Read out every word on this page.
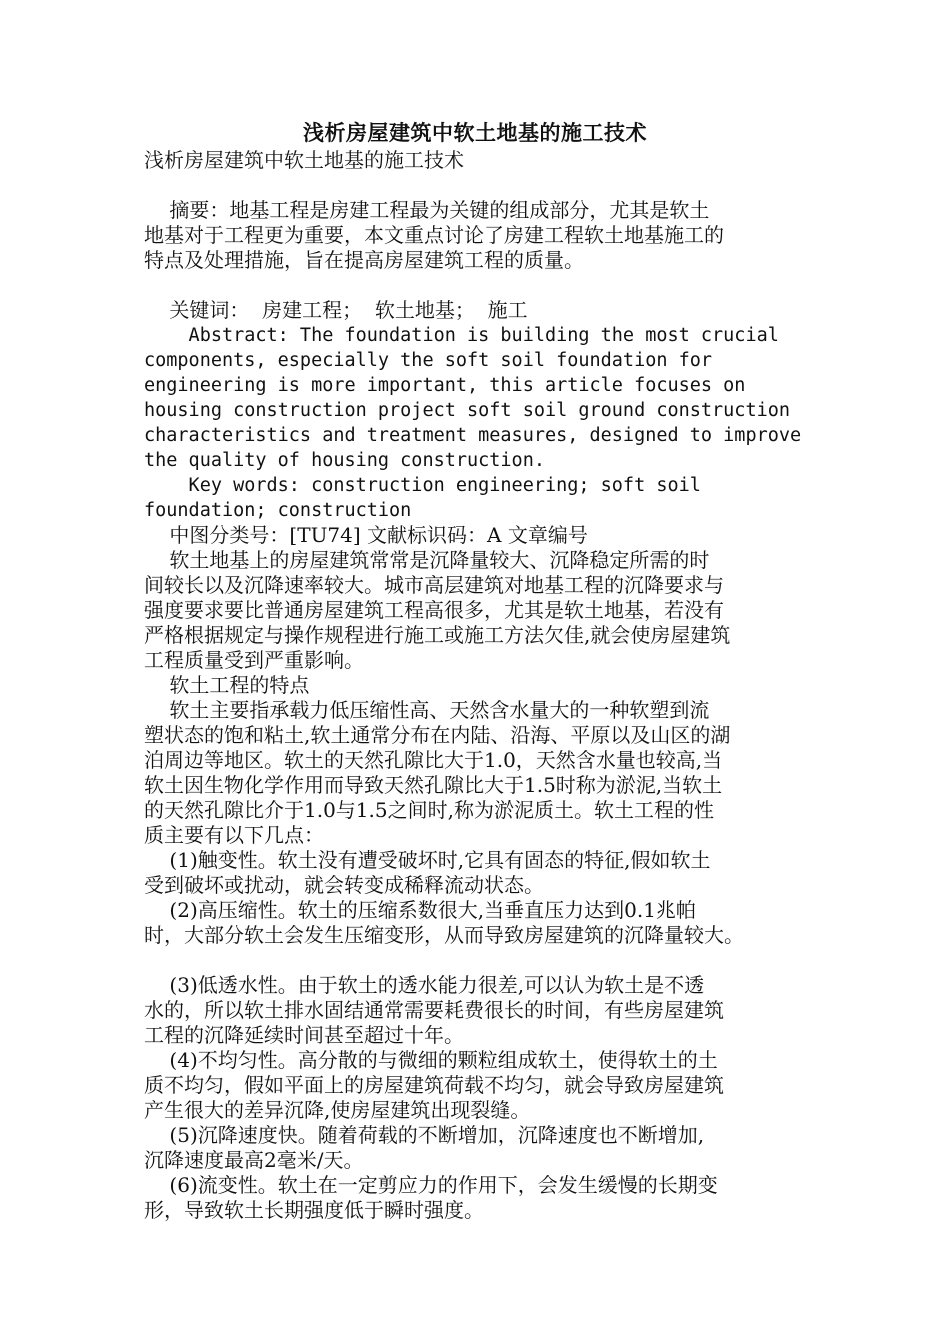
浅析房屋建筑中软土地基的施工技术
浅析房屋建筑中软土地基的施工技术
摘要：地基工程是房建工程最为关键的组成部分，尤其是软土
地基对于工程更为重要，本文重点讨论了房建工程软土地基施工的
特点及处理措施，旨在提高房屋建筑工程的质量。
关键词：  房建工程；  软土地基；  施工
Abstract: The foundation is building the most crucial
components, especially the soft soil foundation for
engineering is more important, this article focuses on
housing construction project soft soil ground construction
characteristics and treatment measures, designed to improve
the quality of housing construction.
Key words: construction engineering; soft soil
foundation; construction
中图分类号：[TU74] 文献标识码：A 文章编号
软土地基上的房屋建筑常常是沉降量较大、沉降稳定所需的时
间较长以及沉降速率较大。城市高层建筑对地基工程的沉降要求与
强度要求要比普通房屋建筑工程高很多，尤其是软土地基，若没有
严格根据规定与操作规程进行施工或施工方法欠佳,就会使房屋建筑
工程质量受到严重影响。
软土工程的特点
软土主要指承载力低压缩性高、天然含水量大的一种软塑到流
塑状态的饱和粘土,软土通常分布在内陆、沿海、平原以及山区的湖
泊周边等地区。软土的天然孔隙比大于1.0，天然含水量也较高,当
软土因生物化学作用而导致天然孔隙比大于1.5时称为淤泥,当软土
的天然孔隙比介于1.0与1.5之间时,称为淤泥质土。软土工程的性
质主要有以下几点：
(1)触变性。软土没有遭受破坏时,它具有固态的特征,假如软土
受到破坏或扰动，就会转变成稀释流动状态。
(2)高压缩性。软土的压缩系数很大,当垂直压力达到0.1兆帕
时，大部分软土会发生压缩变形，从而导致房屋建筑的沉降量较大。
(3)低透水性。由于软土的透水能力很差,可以认为软土是不透
水的，所以软土排水固结通常需要耗费很长的时间，有些房屋建筑
工程的沉降延续时间甚至超过十年。
(4)不均匀性。高分散的与微细的颗粒组成软土，使得软土的土
质不均匀，假如平面上的房屋建筑荷载不均匀，就会导致房屋建筑
产生很大的差异沉降,使房屋建筑出现裂缝。
(5)沉降速度快。随着荷载的不断增加，沉降速度也不断增加,
沉降速度最高2毫米/天。
(6)流变性。软土在一定剪应力的作用下，会发生缓慢的长期变
形，导致软土长期强度低于瞬时强度。
